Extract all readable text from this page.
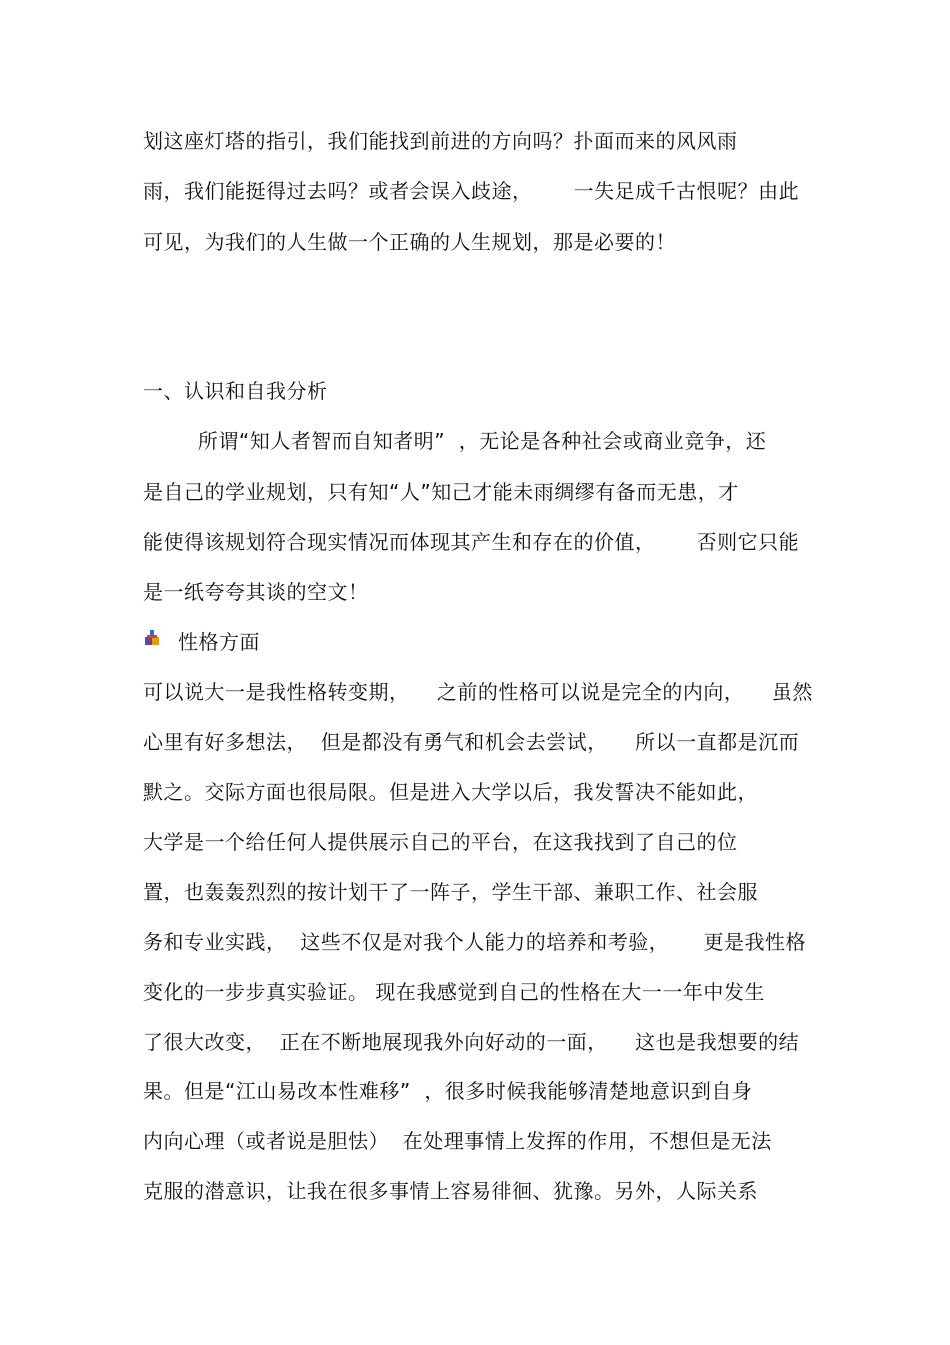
划这座灯塔的指引，我们能找到前进的方向吗？扑面而来的风风雨
雨，我们能挺得过去吗？或者会误入歧途，      一失足成千古恨呢？由此
可见，为我们的人生做一个正确的人生规划，那是必要的！
一、认识和自我分析
所谓“知人者智而自知者明”  ，无论是各种社会或商业竞争，还
是自己的学业规划，只有知“人”知己才能未雨绸缪有备而无患，才
能使得该规划符合现实情况而体现其产生和存在的价值，      否则它只能
是一纸夸夸其谈的空文！
性格方面
可以说大一是我性格转变期，    之前的性格可以说是完全的内向，    虽然
心里有好多想法，  但是都没有勇气和机会去尝试，    所以一直都是沉而
默之。交际方面也很局限。但是进入大学以后，我发誓决不能如此，
大学是一个给任何人提供展示自己的平台，在这我找到了自己的位
置，也轰轰烈烈的按计划干了一阵子，学生干部、兼职工作、社会服
务和专业实践，  这些不仅是对我个人能力的培养和考验，     更是我性格
变化的一步步真实验证。 现在我感觉到自己的性格在大一一年中发生
了很大改变，  正在不断地展现我外向好动的一面，    这也是我想要的结
果。但是“江山易改本性难移”  ，很多时候我能够清楚地意识到自身
内向心理（或者说是胆怯）  在处理事情上发挥的作用，不想但是无法
克服的潜意识，让我在很多事情上容易徘徊、犹豫。另外，人际关系
